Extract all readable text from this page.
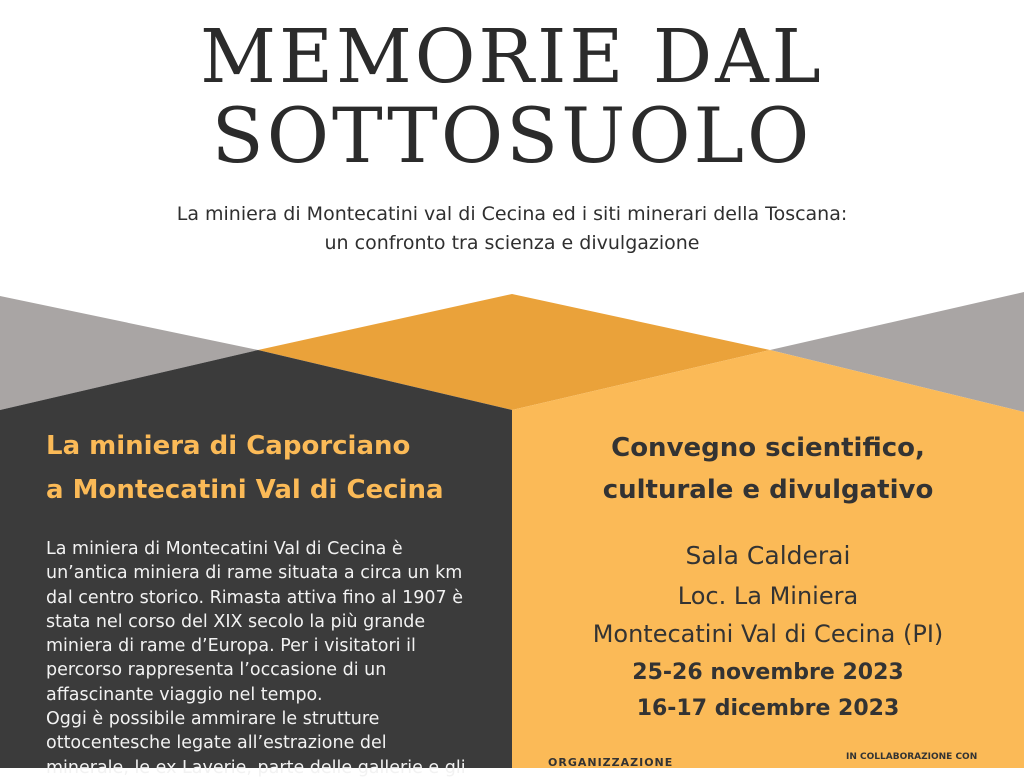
MEMORIE DAL
SOTTOSUOLO
La miniera di Montecatini val di Cecina ed i siti minerari della Toscana:
un confronto tra scienza e divulgazione
La miniera di Caporciano
a Montecatini Val di Cecina

La miniera di Montecatini Val di Cecina è
un’antica miniera di rame situata a circa un km
dal centro storico. Rimasta attiva fino al 1907 è
stata nel corso del XIX secolo la più grande
miniera di rame d’Europa. Per i visitatori il
percorso rappresenta l’occasione di un
affascinante viaggio nel tempo.
Oggi è possibile ammirare le strutture
ottocentesche legate all’estrazione del
minerale, le ex Laverie, parte delle gallerie e gli

Convegno scientifico,
culturale e divulgativo
Sala Calderai
Loc. La Miniera
Montecatini Val di Cecina (PI)
25-26 novembre 2023
16-17 dicembre 2023
ORGANIZZAZIONE	IN COLLABORAZIONE CON
